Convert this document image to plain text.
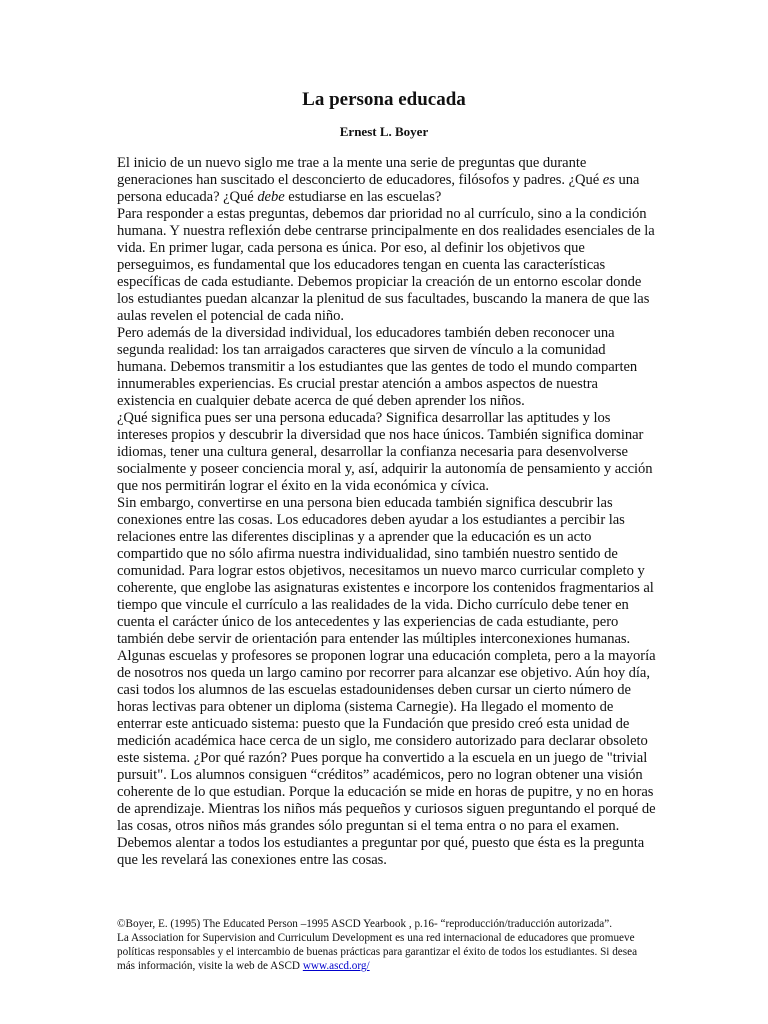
La persona educada
Ernest L. Boyer

El inicio de un nuevo siglo me trae a la mente una serie de preguntas que durante generaciones han suscitado el desconcierto de educadores, filósofos y padres. ¿Qué es una persona educada? ¿Qué debe estudiarse en las escuelas?

Para responder a estas preguntas, debemos dar prioridad no al currículo, sino a la condición humana. Y nuestra reflexión debe centrarse principalmente en dos realidades esenciales de la vida. En primer lugar, cada persona es única. Por eso, al definir los objetivos que perseguimos, es fundamental que los educadores tengan en cuenta las características específicas de cada estudiante. Debemos propiciar la creación de un entorno escolar donde los estudiantes puedan alcanzar la plenitud de sus facultades, buscando la manera de que las aulas revelen el potencial de cada niño.

Pero además de la diversidad individual, los educadores también deben reconocer una segunda realidad: los tan arraigados caracteres que sirven de vínculo a la comunidad humana. Debemos transmitir a los estudiantes que las gentes de todo el mundo comparten innumerables experiencias. Es crucial prestar atención a ambos aspectos de nuestra existencia en cualquier debate acerca de qué deben aprender los niños.

¿Qué significa pues ser una persona educada? Significa desarrollar las aptitudes y los intereses propios y descubrir la diversidad que nos hace únicos. También significa dominar idiomas, tener una cultura general, desarrollar la confianza necesaria para desenvolverse socialmente y poseer conciencia moral y, así, adquirir la autonomía de pensamiento y acción que nos permitirán lograr el éxito en la vida económica y cívica.

Sin embargo, convertirse en una persona bien educada también significa descubrir las conexiones entre las cosas. Los educadores deben ayudar a los estudiantes a percibir las relaciones entre las diferentes disciplinas y a aprender que la educación es un acto compartido que no sólo afirma nuestra individualidad, sino también nuestro sentido de comunidad. Para lograr estos objetivos, necesitamos un nuevo marco curricular completo y coherente, que englobe las asignaturas existentes e incorpore los contenidos fragmentarios al tiempo que vincule el currículo a las realidades de la vida. Dicho currículo debe tener en cuenta el carácter único de los antecedentes y las experiencias de cada estudiante, pero también debe servir de orientación para entender las múltiples interconexiones humanas.

Algunas escuelas y profesores se proponen lograr una educación completa, pero a la mayoría de nosotros nos queda un largo camino por recorrer para alcanzar ese objetivo. Aún hoy día, casi todos los alumnos de las escuelas estadounidenses deben cursar un cierto número de horas lectivas para obtener un diploma (sistema Carnegie). Ha llegado el momento de enterrar este anticuado sistema: puesto que la Fundación que presido creó esta unidad de medición académica hace cerca de un siglo, me considero autorizado para declarar obsoleto este sistema. ¿Por qué razón? Pues porque ha convertido a la escuela en un juego de "trivial pursuit". Los alumnos consiguen “créditos” académicos, pero no logran obtener una visión coherente de lo que estudian. Porque la educación se mide en horas de pupitre, y no en horas de aprendizaje. Mientras los niños más pequeños y curiosos siguen preguntando el porqué de las cosas, otros niños más grandes sólo preguntan si el tema entra o no para el examen. Debemos alentar a todos los estudiantes a preguntar por qué, puesto que ésta es la pregunta que les revelará las conexiones entre las cosas.

©Boyer, E. (1995) The Educated Person –1995 ASCD Yearbook , p.16- “reproducción/traducción autorizada”.

La Association for Supervision and Curriculum Development es una red internacional de educadores que promueve políticas responsables y el intercambio de buenas prácticas para garantizar el éxito de todos los estudiantes. Si desea más información, visite la web de ASCD www.ascd.org/
